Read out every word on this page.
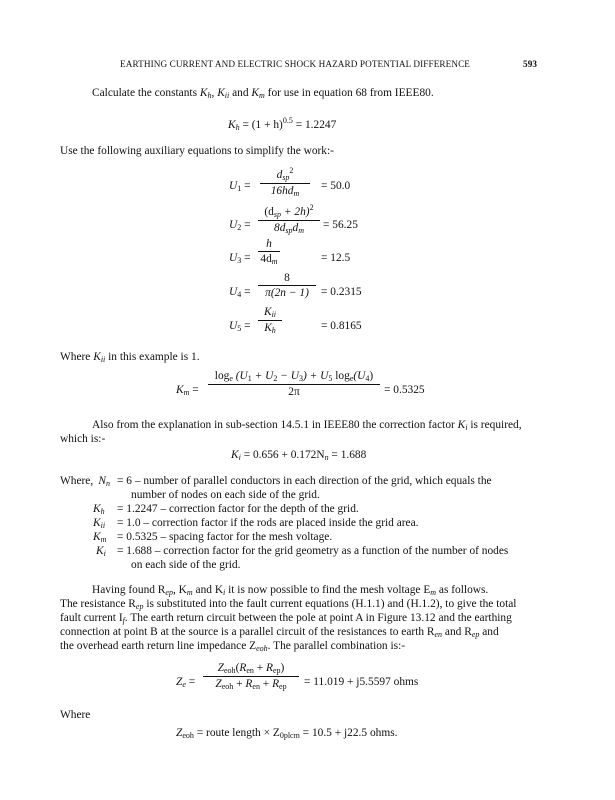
EARTHING CURRENT AND ELECTRIC SHOCK HAZARD POTENTIAL DIFFERENCE	593
Calculate the constants $K_h$, $K_{ii}$ and $K_m$ for use in equation 68 from IEEE80.
$K_h = (1 + h)^{0.5} = 1.2247$
Use the following auxiliary equations to simplify the work:-
$U_1$ =
$d_{sp}^2$
$16hd_m$
= 50.0
$U_2$ =
$(d_{sp} + 2h)^2$
$8d_{sp}d_m = 56.25$
$U_3$ =
h
$4d_m$	= 12.5
$U_4$ =
8
π(2n − 1) = 0.2315
$U_5$ =
$K_{ii}$
$K_h$	= 0.8165
Where $K_{ii}$ in this example is 1.
$K_m$ =
$\log_e (U_1 + U_2 - U_3) + U_5$ $\log_e(U_4)$
2π	= 0.5325
Also from the explanation in sub-section 14.5.1 in IEEE80 the correction factor $K_i$ is required,
which is:-
$K_i = 0.656 + 0.172N_n = 1.688$
Where, $N_n = 6$ – number of parallel conductors in each direction of the grid, which equals the
number of nodes on each side of the grid.
$K_h = 1.2247$ – correction factor for the depth of the grid.
$K_{ii} = 1.0$ – correction factor if the rods are placed inside the grid area.
$K_m = 0.5325$ – spacing factor for the mesh voltage.
$K_i = 1.688$ – correction factor for the grid geometry as a function of the number of nodes
on each side of the grid.
Having found $R_{ep}$, $K_m$ and $K_i$ it is now possible to find the mesh voltage $E_m$ as follows.
The resistance $R_{ep}$ is substituted into the fault current equations (H.1.1) and (H.1.2), to give the total
fault current $I_f$. The earth return circuit between the pole at point A in Figure 13.12 and the earthing
connection at point B at the source is a parallel circuit of the resistances to earth $R_{en}$ and $R_{ep}$ and
the overhead earth return line impedance $Z_{eoh}$. The parallel combination is:-
$Z_e$ =
$Z_{eoh}(R_{en} + R_{ep})$
$Z_{eoh} + R_{en} + R_{ep} = 11.019 + j5.5597$ ohms
Where
$Z_{eoh}$ = route length × $Z_{0plcm} = 10.5 + j22.5$ ohms.
